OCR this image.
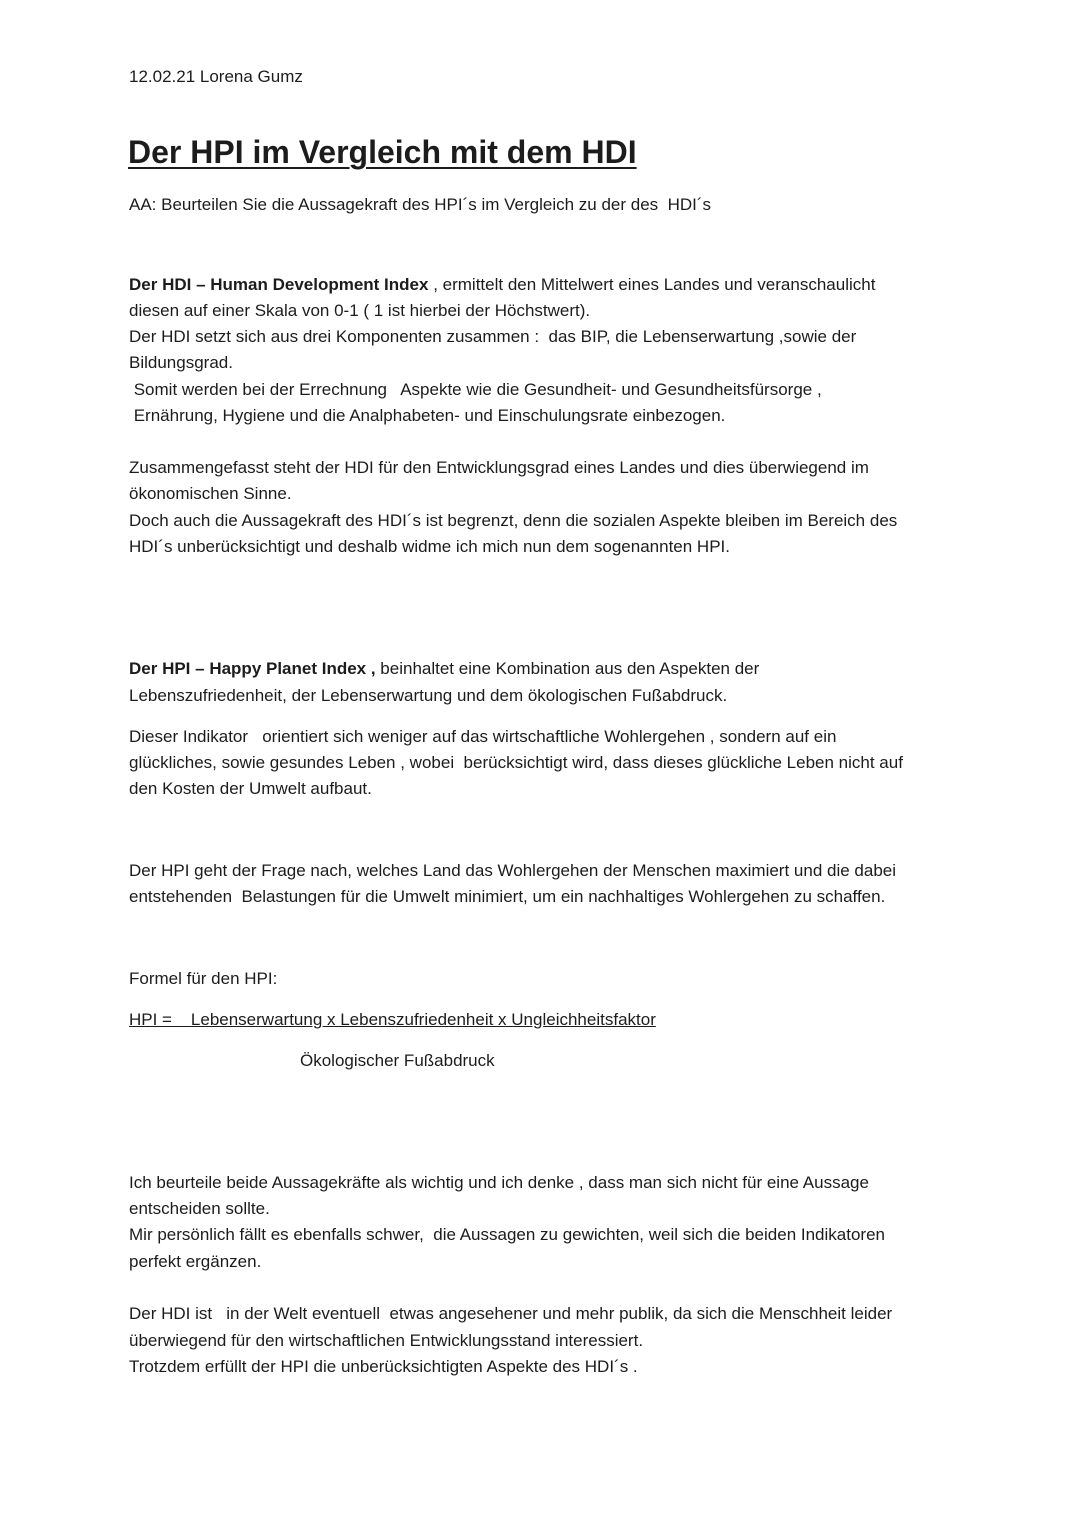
12.02.21 Lorena Gumz
Der HPI im Vergleich mit dem HDI
AA: Beurteilen Sie die Aussagekraft des HPI´s im Vergleich zu der des  HDI´s
Der HDI – Human Development Index , ermittelt den Mittelwert eines Landes und veranschaulicht
diesen auf einer Skala von 0-1 ( 1 ist hierbei der Höchstwert).
Der HDI setzt sich aus drei Komponenten zusammen :  das BIP, die Lebenserwartung ,sowie der
Bildungsgrad.
Somit werden bei der Errechnung   Aspekte wie die Gesundheit- und Gesundheitsfürsorge ,
Ernährung, Hygiene und die Analphabeten- und Einschulungsrate einbezogen.
Zusammengefasst steht der HDI für den Entwicklungsgrad eines Landes und dies überwiegend im
ökonomischen Sinne.
Doch auch die Aussagekraft des HDI´s ist begrenzt, denn die sozialen Aspekte bleiben im Bereich des
HDI´s unberücksichtigt und deshalb widme ich mich nun dem sogenannten HPI.
Der HPI – Happy Planet Index , beinhaltet eine Kombination aus den Aspekten der
Lebenszufriedenheit, der Lebenserwartung und dem ökologischen Fußabdruck.
Dieser Indikator   orientiert sich weniger auf das wirtschaftliche Wohlergehen , sondern auf ein
glückliches, sowie gesundes Leben , wobei  berücksichtigt wird, dass dieses glückliche Leben nicht auf
den Kosten der Umwelt aufbaut.
Der HPI geht der Frage nach, welches Land das Wohlergehen der Menschen maximiert und die dabei
entstehenden  Belastungen für die Umwelt minimiert, um ein nachhaltiges Wohlergehen zu schaffen.
Formel für den HPI:
HPI = Lebenserwartung x Lebenszufriedenheit x Ungleichheitsfaktor
Ökologischer Fußabdruck
Ich beurteile beide Aussagekräfte als wichtig und ich denke , dass man sich nicht für eine Aussage
entscheiden sollte.
Mir persönlich fällt es ebenfalls schwer,  die Aussagen zu gewichten, weil sich die beiden Indikatoren
perfekt ergänzen.
Der HDI ist   in der Welt eventuell  etwas angesehener und mehr publik, da sich die Menschheit leider
überwiegend für den wirtschaftlichen Entwicklungsstand interessiert.
Trotzdem erfüllt der HPI die unberücksichtigten Aspekte des HDI´s .
